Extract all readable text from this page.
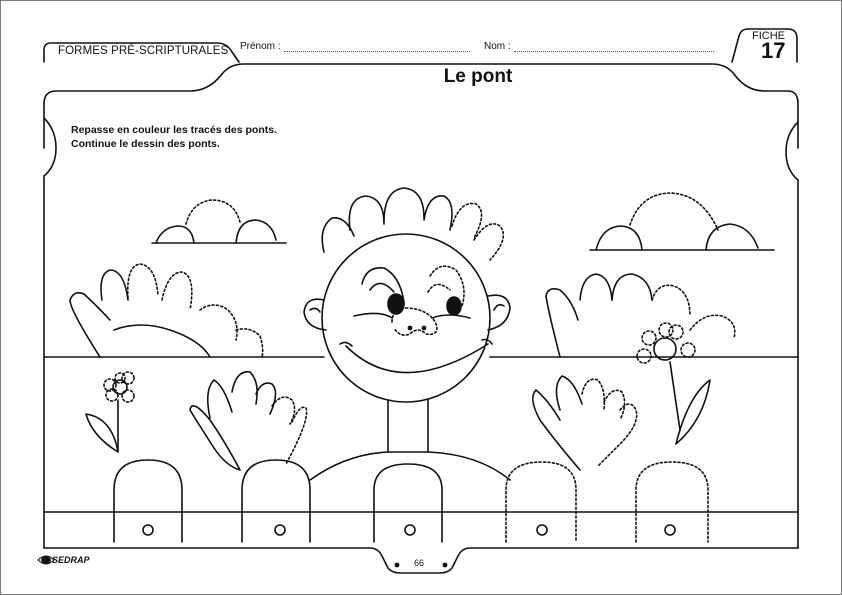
FORMES PRÉ-SCRIPTURALES Prénom :	Nom :
FICHE
17
Le pont
Repasse en couleur les tracés des ponts.
Continue le dessin des ponts.
SEDRAP	66
